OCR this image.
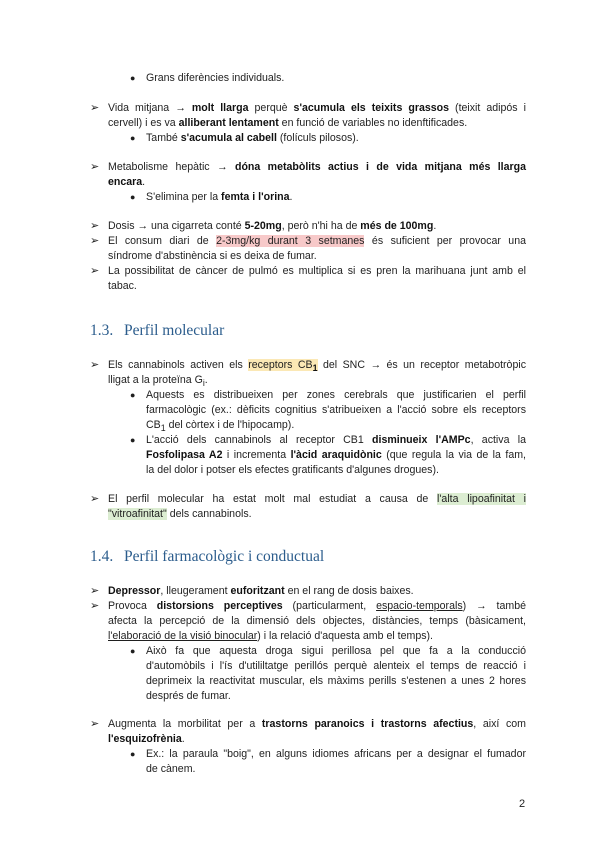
● Grans diferències individuals.
➢ Vida mitjana → molt llarga perquè s'acumula els teixits grassos (teixit adipós i
cervell) i es va alliberant lentament en funció de variables no idenftificades.
● També s'acumula al cabell (folículs pilosos).
➢ Metabolisme hepàtic → dóna metabòlits actius i de vida mitjana més llarga
encara.
● S'elimina per la femta i l'orina.
➢ Dosis → una cigarreta conté 5-20mg, però n'hi ha de més de 100mg.
➢ El consum diari de 2-3mg/kg durant 3 setmanes és suficient per provocar una
síndrome d'abstinència si es deixa de fumar.
➢ La possibilitat de càncer de pulmó es multiplica si es pren la marihuana junt amb el
tabac.
1.3. Perfil molecular
➢ Els cannabinols activen els receptors $CB_1$ del SNC → és un receptor metabotròpic
lligat a la proteïna $G_i$.
● Aquests es distribueixen per zones cerebrals que justificarien el perfil
farmacològic (ex.: dèficits cognitius s'atribueixen a l'acció sobre els receptors
$CB_1$ del còrtex i de l'hipocamp).
● L'acció dels cannabinols al receptor CB1 disminueix l'AMPc, activa la
Fosfolipasa A2 i incrementa l'àcid araquidònic (que regula la via de la fam,
la del dolor i potser els efectes gratificants d'algunes drogues).
➢ El perfil molecular ha estat molt mal estudiat a causa de l'alta lipoafinitat i
"vitroafinitat" dels cannabinols.
1.4. Perfil farmacològic i conductual
➢ Depressor, lleugerament euforitzant en el rang de dosis baixes.
➢ Provoca distorsions perceptives (particularment, espacio-temporals) → també
afecta la percepció de la dimensió dels objectes, distàncies, temps (bàsicament,
l'elaboració de la visió binocular) i la relació d'aquesta amb el temps).
● Això fa que aquesta droga sigui perillosa pel que fa a la conducció
d'automòbils i l'ís d'utililtatge perillós perquè alenteix el temps de reacció i
deprimeix la reactivitat muscular, els màxims perills s'estenen a unes 2 hores
després de fumar.
➢ Augmenta la morbilitat per a trastorns paranoics i trastorns afectius, així com
l'esquizofrènia.
● Ex.: la paraula "boig", en alguns idiomes africans per a designar el fumador
de cànem.
2
